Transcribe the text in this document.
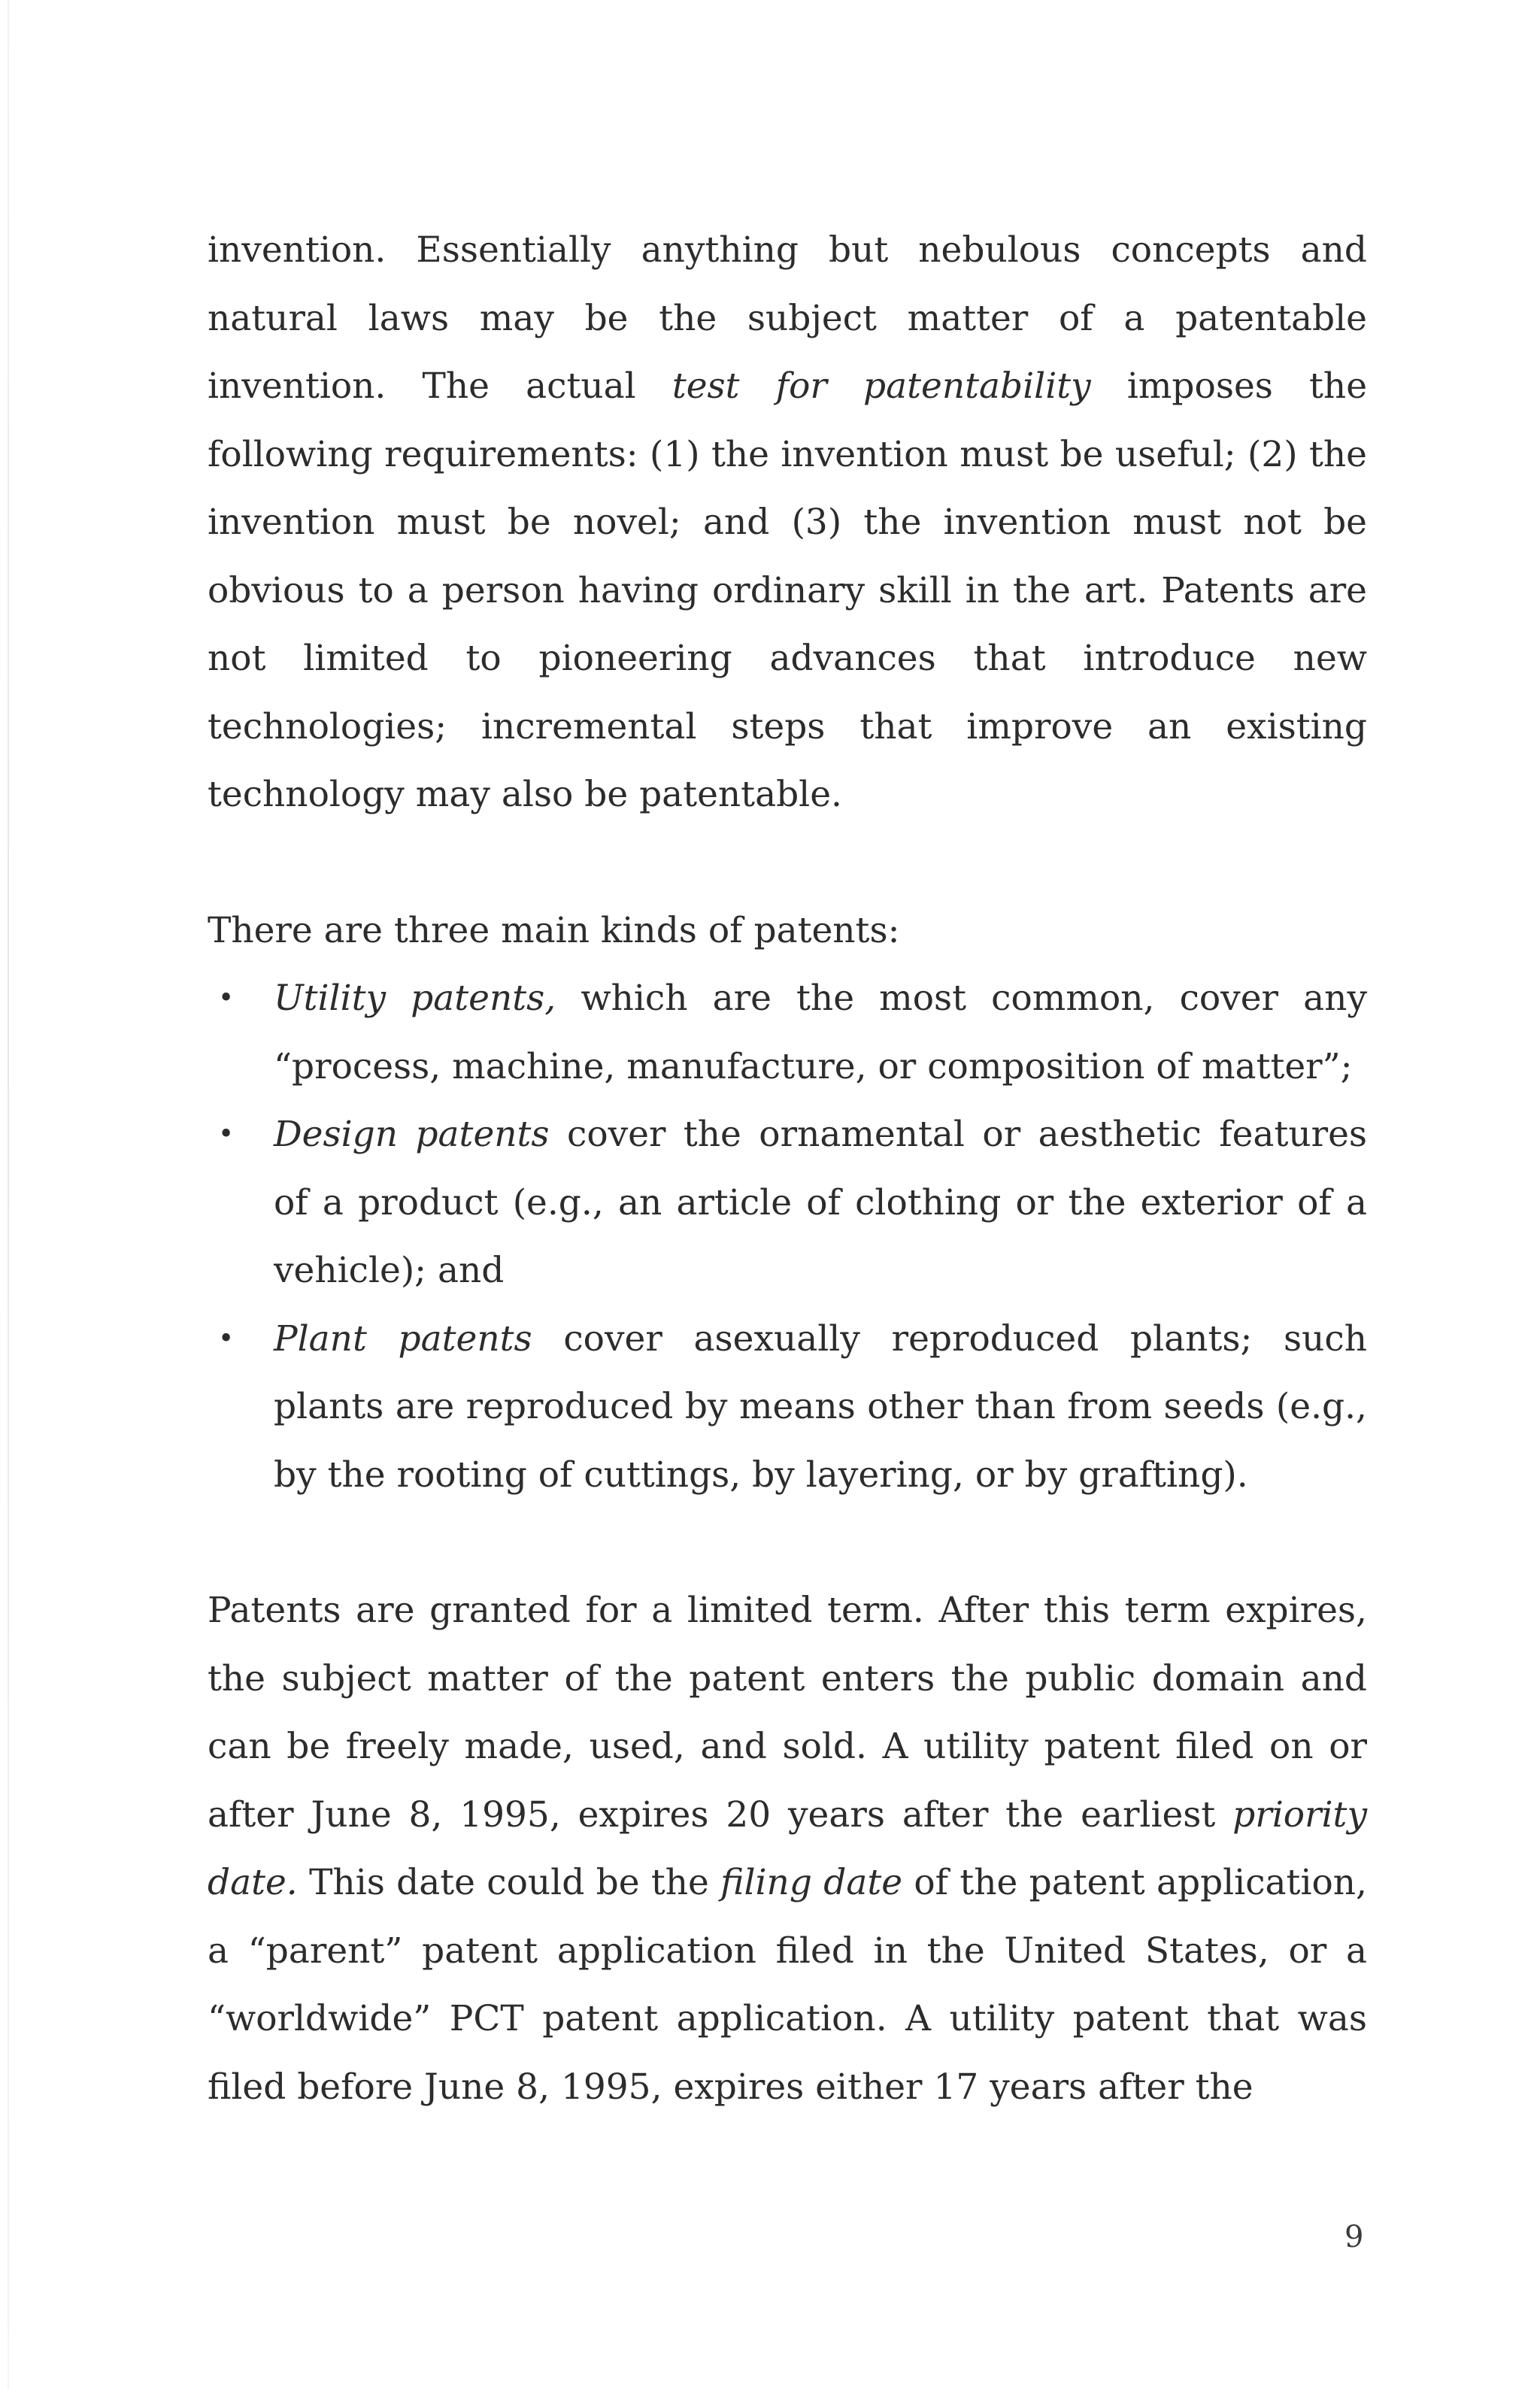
invention. Essentially anything but nebulous concepts and natural laws may be the subject matter of a patentable invention. The actual test for patentability imposes the following requirements: (1) the invention must be useful; (2) the invention must be novel; and (3) the invention must not be obvious to a person having ordinary skill in the art. Patents are not limited to pioneering advances that introduce new technologies; incremental steps that improve an existing technology may also be patentable.

There are three main kinds of patents:

• Utility patents, which are the most common, cover any “process, machine, manufacture, or composition of matter”;
• Design patents cover the ornamental or aesthetic features of a product (e.g., an article of clothing or the exterior of a vehicle); and
• Plant patents cover asexually reproduced plants; such plants are reproduced by means other than from seeds (e.g., by the rooting of cuttings, by layering, or by grafting).

Patents are granted for a limited term. After this term expires, the subject matter of the patent enters the public domain and can be freely made, used, and sold. A utility patent filed on or after June 8, 1995, expires 20 years after the earliest priority date. This date could be the filing date of the patent application, a “parent” patent application filed in the United States, or a “worldwide” PCT patent application. A utility patent that was filed before June 8, 1995, expires either 17 years after the

9
